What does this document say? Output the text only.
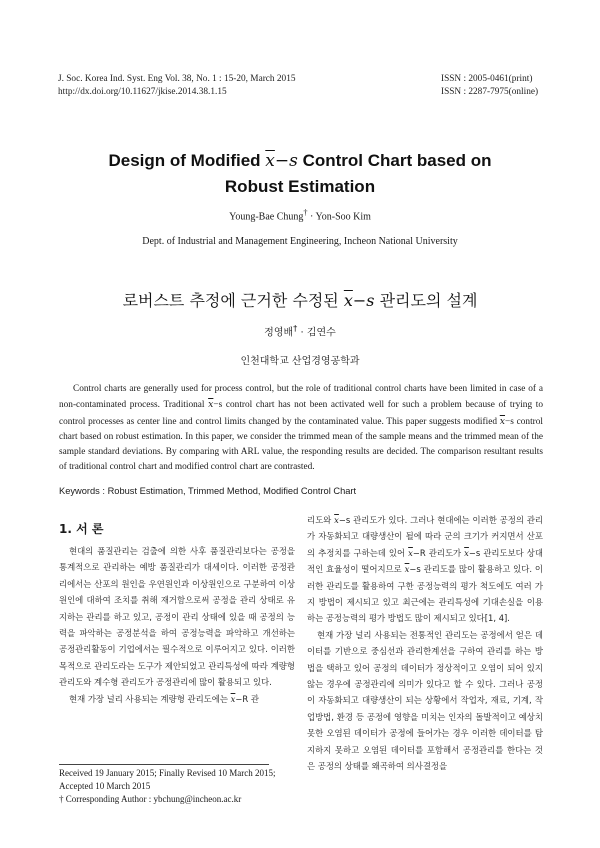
J. Soc. Korea Ind. Syst. Eng Vol. 38, No. 1 : 15-20, March 2015
http://dx.doi.org/10.11627/jkise.2014.38.1.15
ISSN : 2005-0461(print)
ISSN : 2287-7975(online)
Design of Modified $\overline{x}-s$ Control Chart based on
Robust Estimation
Young-Bae Chung† · Yon-Soo Kim
Dept. of Industrial and Management Engineering, Incheon National University
로버스트 추정에 근거한 수정된 $\overline{x}-s$ 관리도의 설계
정영배† · 김연수
인천대학교 산업경영공학과

Control charts are generally used for process control, but the role of traditional control charts have been limited in case of a non-contaminated process. Traditional $\overline{x}-s$ control chart has not been activated well for such a problem because of trying to control processes as center line and control limits changed by the contaminated value. This paper suggests modified $\overline{x}-s$ control chart based on robust estimation. In this paper, we consider the trimmed mean of the sample means and the trimmed mean of the sample standard deviations. By comparing with ARL value, the responding results are decided. The comparison resultant results of traditional control chart and modified control chart are contrasted.

Keywords : Robust Estimation, Trimmed Method, Modified Control Chart
1. 서 론

현대의 품질관리는 검출에 의한 사후 품질관리보다는 공정을 통계적으로 관리하는 예방 품질관리가 대세이다. 이러한 공정관리에서는 산포의 원인을 우연원인과 이상원인으로 구분하여 이상원인에 대하여 조치를 취해 재거함으로써 공정을 관리 상태로 유지하는 관리를 하고 있고, 공정이 관리 상태에 있을 때 공정의 능력을 파악하는 공정분석을 하여 공정능력을 파악하고 개선하는 공정관리활동이 기업에서는 필수적으로 이루어지고 있다. 이러한 목적으로 관리도라는 도구가 제안되었고 관리특성에 따라 계량형 관리도와 계수형 관리도가 공정관리에 많이 활용되고 있다.

현재 가장 널리 사용되는 계량형 관리도에는 $\overline{x}-R$ 관

Received 19 January 2015; Finally Revised 10 March 2015;

Accepted 10 March 2015

† Corresponding Author : ybchung@incheon.ac.kr

리도와 $\overline{x}-s$ 관리도가 있다. 그러나 현대에는 이러한 공정의 관리가 자동화되고 대량생산이 될에 따라 군의 크기가 커지면서 산포의 추정치를 구하는데 있어 $\overline{x}-R$ 관리도가 $\overline{x}-s$ 관리도보다 상대적인 효율성이 떨어지므로 $\overline{x}-s$ 관리도를 많이 활용하고 있다. 이러한 관리도를 활용하여 구한 공정능력의 평가 척도에도 여러 가지 방법이 제시되고 있고 최근에는 관리특성에 기대손실을 이용하는 공정능력의 평가 방법도 많이 제시되고 있다[1, 4].

현재 가장 널리 사용되는 전통적인 관리도는 공정에서 얻은 데이터를 기반으로 중심선과 관리한계선을 구하여 관리를 하는 방법을 택하고 있어 공정의 데이터가 정상적이고 오염이 되어 있지 않는 경우에 공정관리에 의미가 있다고 할 수 있다. 그러나 공정이 자동화되고 대량생산이 되는 상황에서 작업자, 재료, 기계, 작업방법, 환경 등 공정에 영향을 미치는 인자의 돌발적이고 예상치 못한 오염된 데이터가 공정에 들어가는 경우 이러한 데이터를 탐지하지 못하고 오염된 데이터를 포함해서 공정관리를 한다는 것은 공정의 상태를 왜곡하여 의사결정을
